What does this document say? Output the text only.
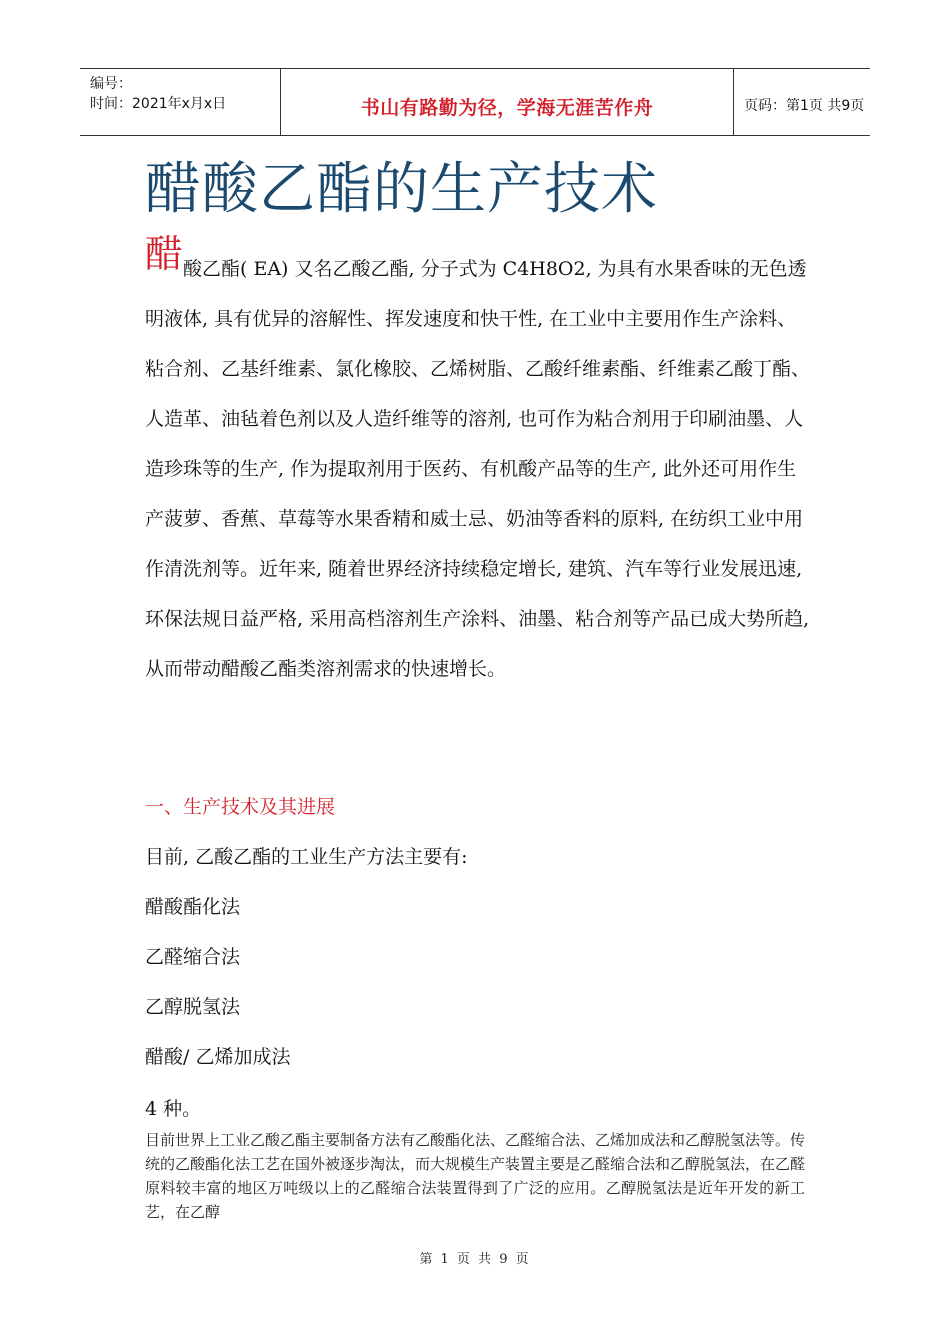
编号：
时间：2021年x月x日	书山有路勤为径，学海无涯苦作舟	页码：第1页 共9页
醋酸乙酯的生产技术
醋酸乙酯( EA) 又名乙酸乙酯, 分子式为 C4H8O2, 为具有水果香味的无色透明液体, 具有优异的溶解性、挥发速度和快干性, 在工业中主要用作生产涂料、粘合剂、乙基纤维素、氯化橡胶、乙烯树脂、乙酸纤维素酯、纤维素乙酸丁酯、人造革、油毡着色剂以及人造纤维等的溶剂, 也可作为粘合剂用于印刷油墨、人造珍珠等的生产, 作为提取剂用于医药、有机酸产品等的生产, 此外还可用作生产菠萝、香蕉、草莓等水果香精和威士忌、奶油等香料的原料, 在纺织工业中用作清洗剂等。近年来, 随着世界经济持续稳定增长, 建筑、汽车等行业发展迅速, 环保法规日益严格, 采用高档溶剂生产涂料、油墨、粘合剂等产品已成大势所趋, 从而带动醋酸乙酯类溶剂需求的快速增长。
一、生产技术及其进展
目前, 乙酸乙酯的工业生产方法主要有:
醋酸酯化法
乙醛缩合法
乙醇脱氢法
醋酸/ 乙烯加成法
4 种。
目前世界上工业乙酸乙酯主要制备方法有乙酸酯化法、乙醛缩合法、乙烯加成法和乙醇脱氢法等。传统的乙酸酯化法工艺在国外被逐步淘汰，而大规模生产装置主要是乙醛缩合法和乙醇脱氢法，在乙醛原料较丰富的地区万吨级以上的乙醛缩合法装置得到了广泛的应用。乙醇脱氢法是近年开发的新工艺，在乙醇
第 1 页 共 9 页
